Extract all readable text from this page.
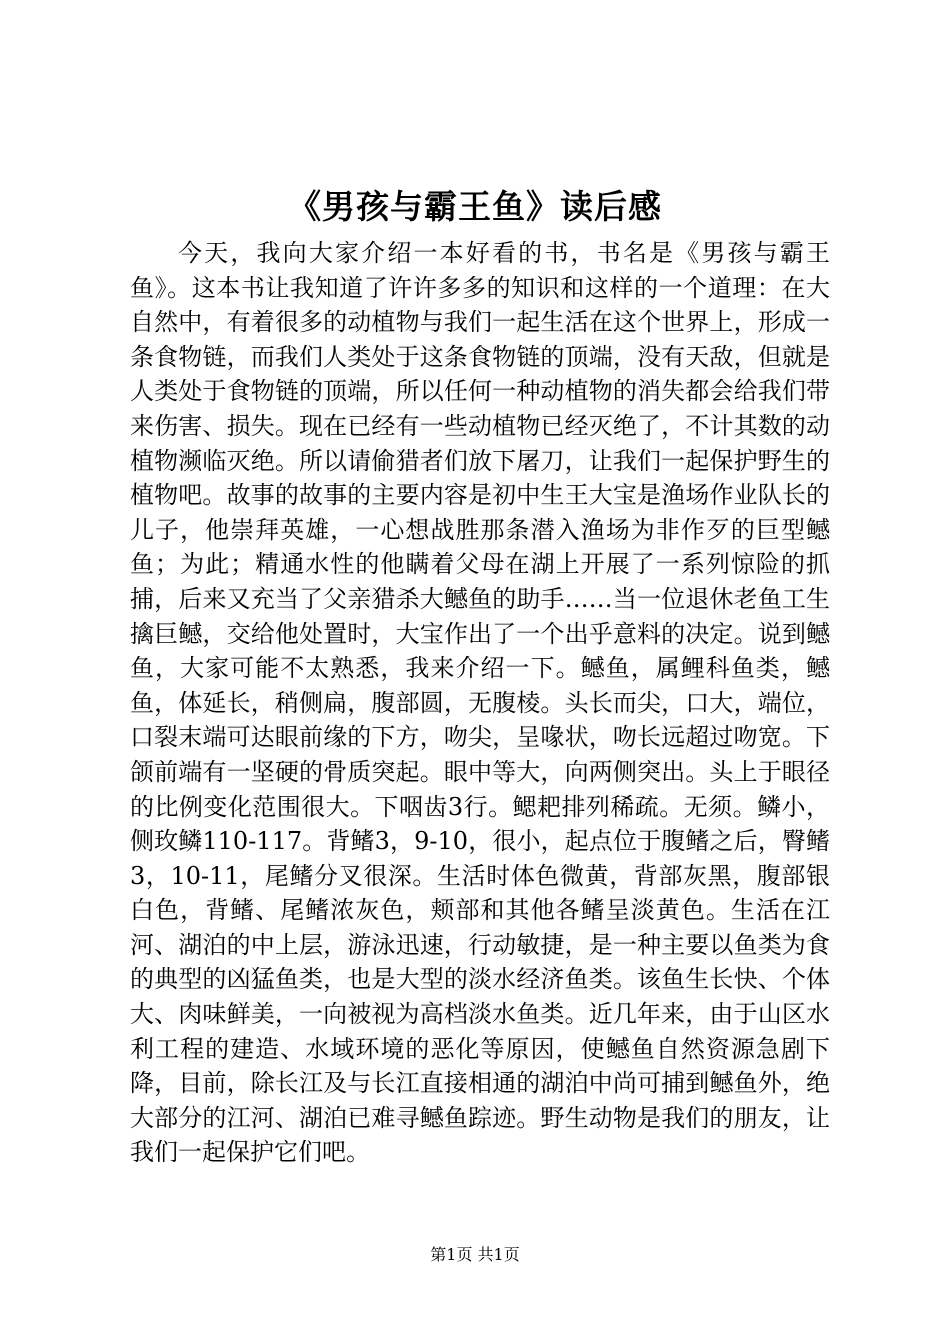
《男孩与霸王鱼》读后感

今天，我向大家介绍一本好看的书，书名是《男孩与霸王鱼》。这本书让我知道了许许多多的知识和这样的一个道理：在大自然中，有着很多的动植物与我们一起生活在这个世界上，形成一条食物链，而我们人类处于这条食物链的顶端，没有天敌，但就是人类处于食物链的顶端，所以任何一种动植物的消失都会给我们带来伤害、损失。现在已经有一些动植物已经灭绝了，不计其数的动植物濒临灭绝。所以请偷猎者们放下屠刀，让我们一起保护野生的植物吧。故事的故事的主要内容是初中生王大宝是渔场作业队长的儿子，他崇拜英雄，一心想战胜那条潜入渔场为非作歹的巨型鳡鱼；为此；精通水性的他瞒着父母在湖上开展了一系列惊险的抓捕，后来又充当了父亲猎杀大鳡鱼的助手……当一位退休老鱼工生擒巨鳡，交给他处置时，大宝作出了一个出乎意料的决定。说到鳡鱼，大家可能不太熟悉，我来介绍一下。鳡鱼，属鲤科鱼类，鳡鱼，体延长，稍侧扁，腹部圆，无腹棱。头长而尖，口大，端位，口裂末端可达眼前缘的下方，吻尖，呈喙状，吻长远超过吻宽。下颌前端有一坚硬的骨质突起。眼中等大，向两侧突出。头上于眼径的比例变化范围很大。下咽齿3行。鳃耙排列稀疏。无须。鳞小，侧玫鳞110-117。背鳍3，9-10，很小，起点位于腹鳍之后，臀鳍3，10-11，尾鳍分叉很深。生活时体色微黄，背部灰黑，腹部银白色，背鳍、尾鳍浓灰色，颊部和其他各鳍呈淡黄色。生活在江河、湖泊的中上层，游泳迅速，行动敏捷，是一种主要以鱼类为食的典型的凶猛鱼类，也是大型的淡水经济鱼类。该鱼生长快、个体大、肉味鲜美，一向被视为高档淡水鱼类。近几年来，由于山区水利工程的建造、水域环境的恶化等原因，使鳡鱼自然资源急剧下降，目前，除长江及与长江直接相通的湖泊中尚可捕到鳡鱼外，绝大部分的江河、湖泊已难寻鳡鱼踪迹。野生动物是我们的朋友，让我们一起保护它们吧。

第1页 共1页
